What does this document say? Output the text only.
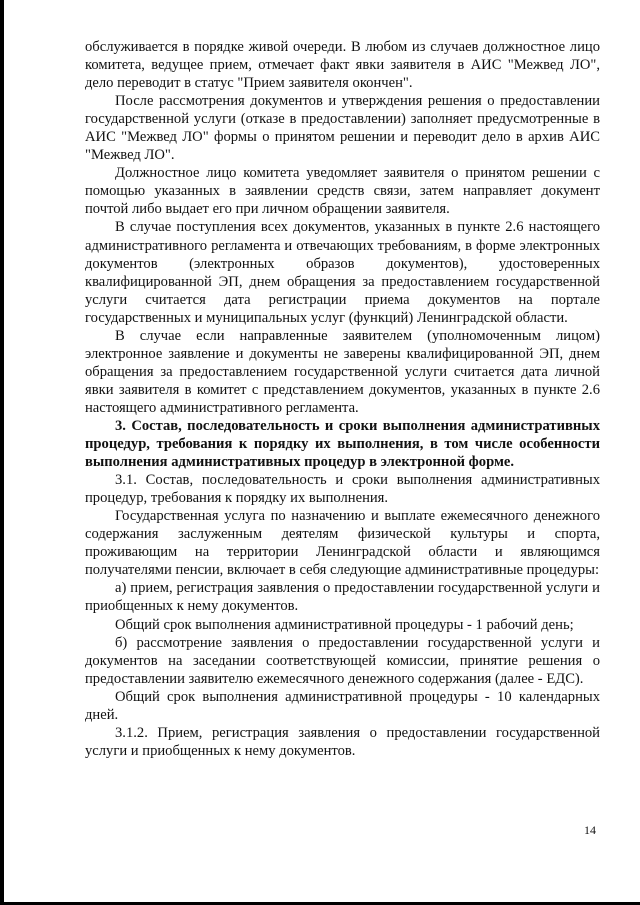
обслуживается в порядке живой очереди. В любом из случаев должностное лицо комитета, ведущее прием, отмечает факт явки заявителя в АИС "Межвед ЛО", дело переводит в статус "Прием заявителя окончен".

После рассмотрения документов и утверждения решения о предоставлении государственной услуги (отказе в предоставлении) заполняет предусмотренные в АИС "Межвед ЛО" формы о принятом решении и переводит дело в архив АИС "Межвед ЛО".

Должностное лицо комитета уведомляет заявителя о принятом решении с помощью указанных в заявлении средств связи, затем направляет документ почтой либо выдает его при личном обращении заявителя.

В случае поступления всех документов, указанных в пункте 2.6 настоящего административного регламента и отвечающих требованиям, в форме электронных документов (электронных образов документов), удостоверенных квалифицированной ЭП, днем обращения за предоставлением государственной услуги считается дата регистрации приема документов на портале государственных и муниципальных услуг (функций) Ленинградской области.

В случае если направленные заявителем (уполномоченным лицом) электронное заявление и документы не заверены квалифицированной ЭП, днем обращения за предоставлением государственной услуги считается дата личной явки заявителя в комитет с представлением документов, указанных в пункте 2.6 настоящего административного регламента.

3. Состав, последовательность и сроки выполнения административных процедур, требования к порядку их выполнения, в том числе особенности выполнения административных процедур в электронной форме.

3.1. Состав, последовательность и сроки выполнения административных процедур, требования к порядку их выполнения.

Государственная услуга по назначению и выплате ежемесячного денежного содержания заслуженным деятелям физической культуры и спорта, проживающим на территории Ленинградской области и являющимся получателями пенсии, включает в себя следующие административные процедуры:

а) прием, регистрация заявления о предоставлении государственной услуги и приобщенных к нему документов.

Общий срок выполнения административной процедуры - 1 рабочий день;

б) рассмотрение заявления о предоставлении государственной услуги и документов на заседании соответствующей комиссии, принятие решения о предоставлении заявителю ежемесячного денежного содержания (далее - ЕДС).

Общий срок выполнения административной процедуры - 10 календарных дней.

3.1.2. Прием, регистрация заявления о предоставлении государственной услуги и приобщенных к нему документов.

14
